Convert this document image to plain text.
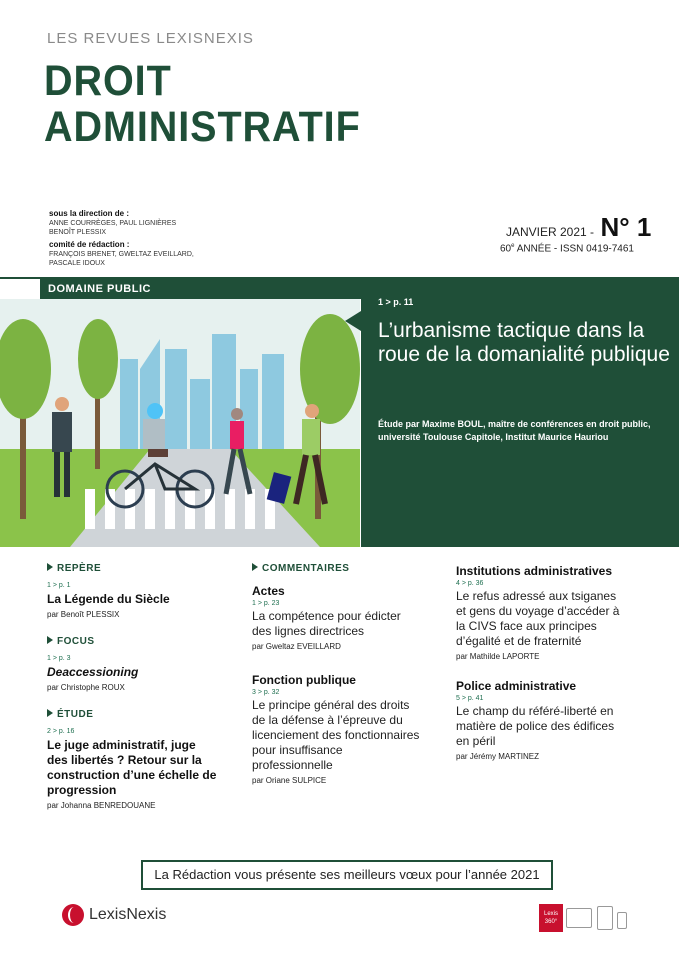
LES REVUES LEXISNEXIS
DROIT
ADMINISTRATIF
sous la direction de :
ANNE COURRÈGES, PAUL LIGNIÈRES
BENOÎT PLESSIX
comité de rédaction :
FRANÇOIS BRENET, GWELTAZ EVEILLARD,
PASCALE IDOUX
JANVIER 2021 - N° 1
60e ANNÉE - ISSN 0419-7461
DOMAINE PUBLIC
1 > p. 11
L’urbanisme tactique dans la roue de la domanialité publique
Étude par Maxime BOUL, maître de conférences en droit public, université Toulouse Capitole, Institut Maurice Hauriou
REPÈRE
1 > p. 1
La Légende du Siècle
par Benoît PLESSIX
FOCUS
1 > p. 3
Deaccessioning
par Christophe ROUX
ÉTUDE
2 > p. 16
Le juge administratif, juge des libertés ? Retour sur la construction d’une échelle de progression
par Johanna BENREDOUANE
COMMENTAIRES
Actes
1 > p. 23
La compétence pour édicter des lignes directrices
par Gweltaz EVEILLARD
Fonction publique
3 > p. 32
Le principe général des droits de la défense à l’épreuve du licenciement des fonctionnaires pour insuffisance professionnelle
par Oriane SULPICE
Institutions administratives
4 > p. 36
Le refus adressé aux tsiganes et gens du voyage d’accéder à la CIVS face aux principes d’égalité et de fraternité
par Mathilde LAPORTE
Police administrative
5 > p. 41
Le champ du référé-liberté en matière de police des édifices en péril
par Jérémy MARTINEZ
La Rédaction vous présente ses meilleurs vœux pour l’année 2021
LexisNexis	Lexis
360°
